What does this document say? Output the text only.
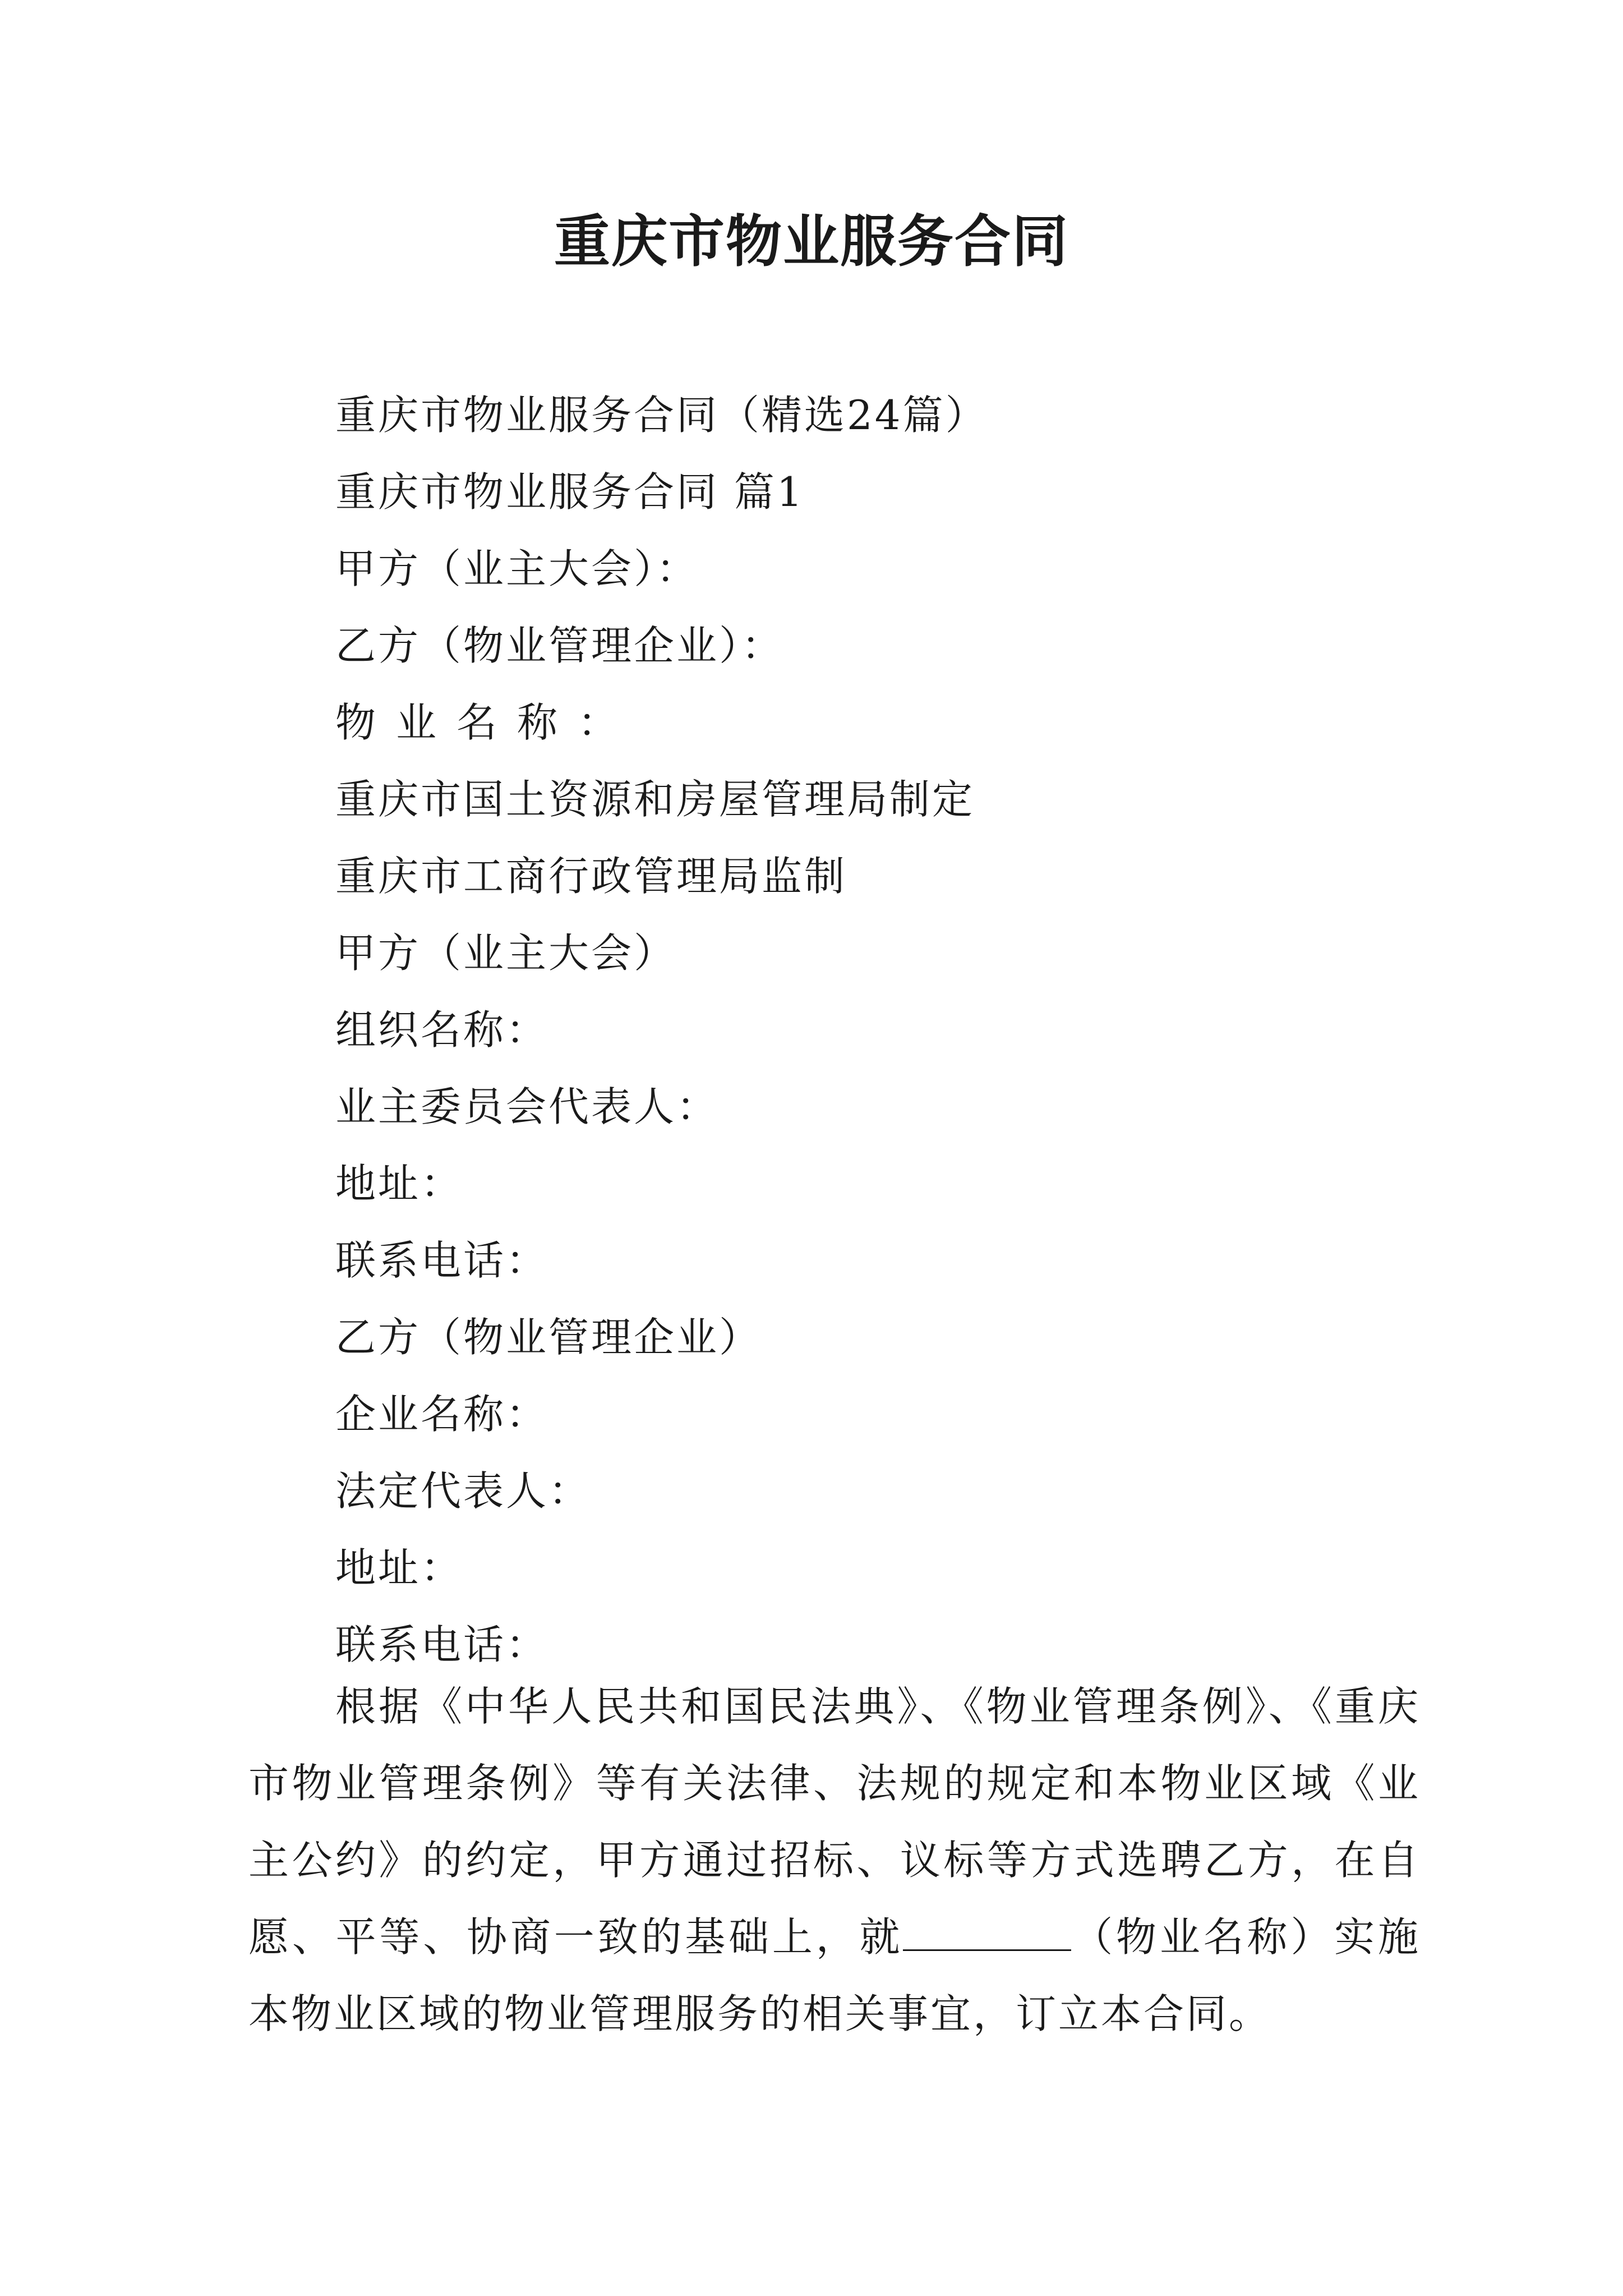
重庆市物业服务合同
重庆市物业服务合同（精选24篇）
重庆市物业服务合同 篇1
甲方（业主大会）：
乙方（物业管理企业）：
物业名称：
重庆市国土资源和房屋管理局制定
重庆市工商行政管理局监制
甲方（业主大会）
组织名称：
业主委员会代表人：
地址：
联系电话：
乙方（物业管理企业）
企业名称：
法定代表人：
地址：
联系电话：
根据《中华人民共和国民法典》、《物业管理条例》、《重庆市物业管理条例》等有关法律、法规的规定和本物业区域《业主公约》的约定，甲方通过招标、议标等方式选聘乙方，在自愿、平等、协商一致的基础上，就	（物业名称）实施本物业区域的物业管理服务的相关事宜，订立本合同。
